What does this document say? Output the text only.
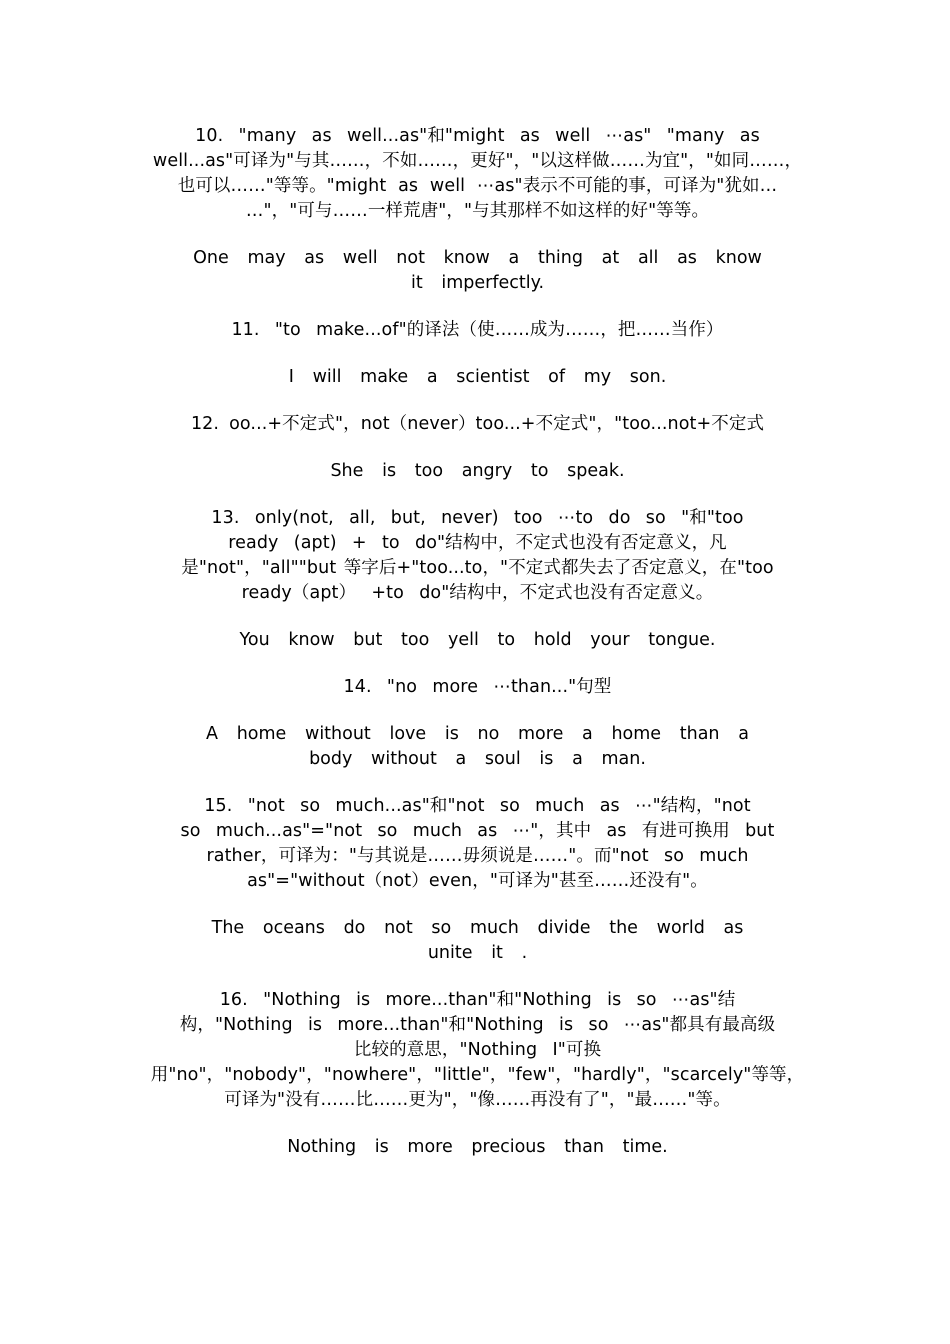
10. "many as well...as"和"might as well ⋯as" "many as
well...as"可译为"与其……，不如……，更好"，"以这样做……为宜"，"如同……，
也可以……"等等。"might as well ⋯as"表示不可能的事，可译为"犹如…
…"，"可与……一样荒唐"，"与其那样不如这样的好"等等。

One may as well not know a thing at all as know
it imperfectly.

11. "to make...of"的译法（使……成为……，把……当作）

I will make a scientist of my son.

12. oo...+不定式"，not（never）too...+不定式"，"too...not+不定式

She is too angry to speak.

13. only(not, all, but, never) too ⋯to do so "和"too
ready (apt) + to do"结构中，不定式也没有否定意义，凡
是"not"，"all""but 等字后+"too...to，"不定式都失去了否定意义，在"too
ready（apt） +to do"结构中，不定式也没有否定意义。

You know but too yell to hold your tongue.

14. "no more ⋯than..."句型

A home without love is no more a home than a
body without a soul is a man.

15. "not so much...as"和"not so much as ⋯"结构，"not
so much...as"="not so much as ⋯"，其中 as 有进可换用 but
rather，可译为："与其说是……毋须说是……"。而"not so much
as"="without（not）even，"可译为"甚至……还没有"。

The oceans do not so much divide the world as
unite it .

16. "Nothing is more...than"和"Nothing is so ⋯as"结
构，"Nothing is more...than"和"Nothing is so ⋯as"都具有最高级
比较的意思，"Nothing I"可换
用"no"，"nobody"，"nowhere"，"little"，"few"，"hardly"，"scarcely"等等，
可译为"没有……比……更为"，"像……再没有了"，"最……"等。

Nothing is more precious than time.
